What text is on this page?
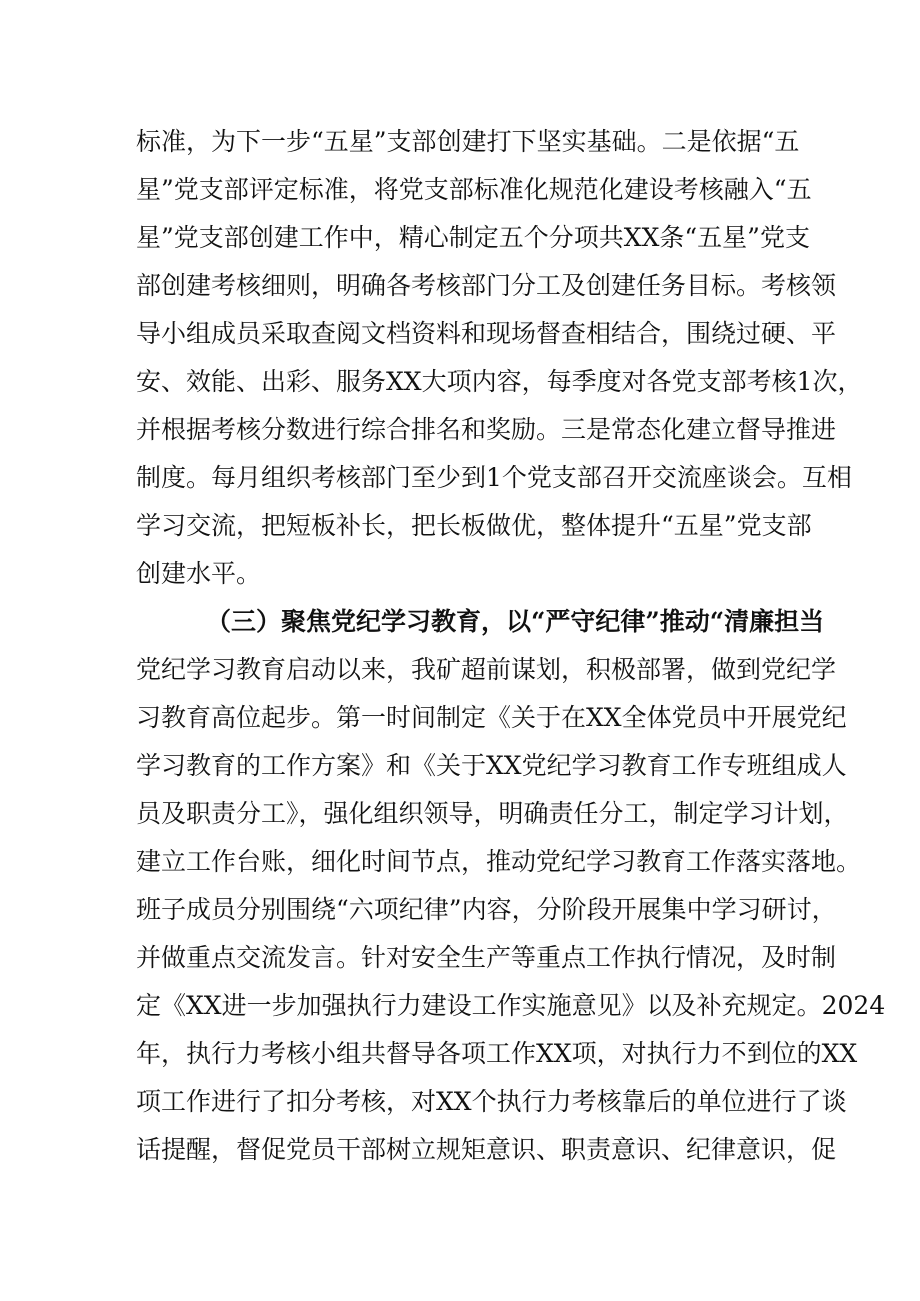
标准，为下一步“五星”支部创建打下坚实基础。二是依据“五
星”党支部评定标准，将党支部标准化规范化建设考核融入“五
星”党支部创建工作中，精心制定五个分项共XX条“五星”党支
部创建考核细则，明确各考核部门分工及创建任务目标。考核领
导小组成员采取查阅文档资料和现场督查相结合，围绕过硬、平
安、效能、出彩、服务XX大项内容，每季度对各党支部考核1次，
并根据考核分数进行综合排名和奖励。三是常态化建立督导推进
制度。每月组织考核部门至少到1个党支部召开交流座谈会。互相
学习交流，把短板补长，把长板做优，整体提升“五星”党支部
创建水平。
（三）聚焦党纪学习教育，以“严守纪律”推动“清廉担当
党纪学习教育启动以来，我矿超前谋划，积极部署，做到党纪学
习教育高位起步。第一时间制定《关于在XX全体党员中开展党纪
学习教育的工作方案》和《关于XX党纪学习教育工作专班组成人
员及职责分工》，强化组织领导，明确责任分工，制定学习计划，
建立工作台账，细化时间节点，推动党纪学习教育工作落实落地。
班子成员分别围绕“六项纪律”内容，分阶段开展集中学习研讨，
并做重点交流发言。针对安全生产等重点工作执行情况，及时制
定《XX进一步加强执行力建设工作实施意见》以及补充规定。2024
年，执行力考核小组共督导各项工作XX项，对执行力不到位的XX
项工作进行了扣分考核，对XX个执行力考核靠后的单位进行了谈
话提醒，督促党员干部树立规矩意识、职责意识、纪律意识，促
